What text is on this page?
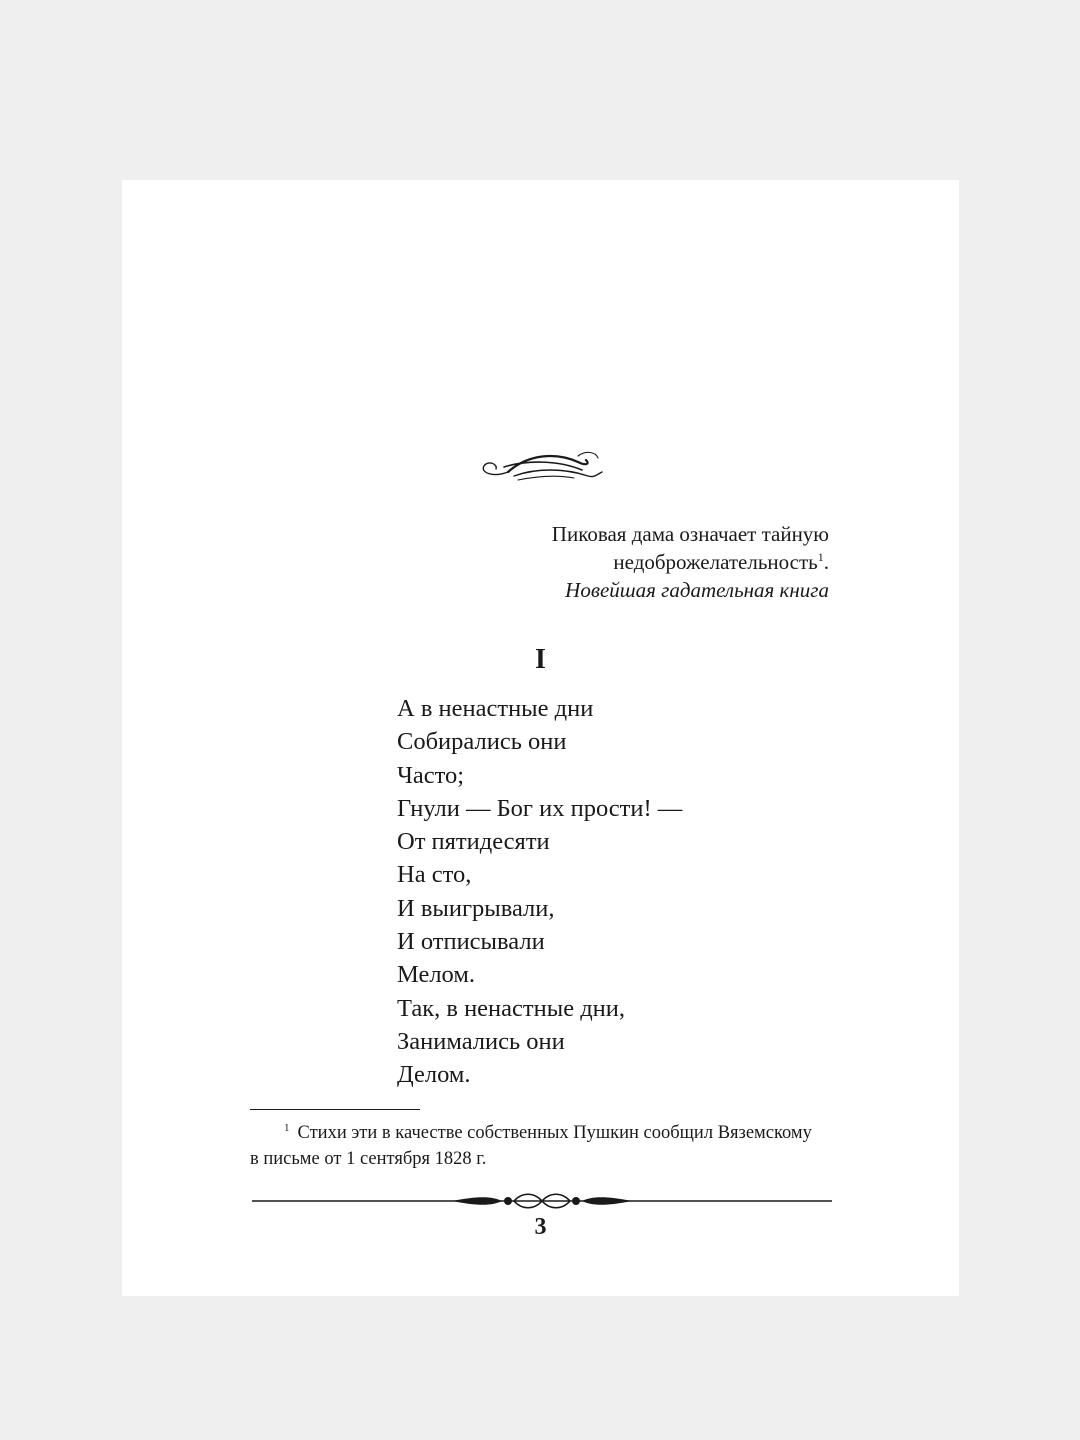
Пиковая дама означает тайную
недоброжелательность$^1$.
Новейшая гадательная книга
I
А в ненастные дни
Собирались они
Часто;
Гнули — Бог их прости! —
От пятидесяти
На сто,
И выигрывали,
И отписывали
Мелом.
Так, в ненастные дни,
Занимались они
Делом.
$^1$ Стихи эти в качестве собственных Пушкин сообщил Вяземскому
в письме от 1 сентября 1828 г.
3
